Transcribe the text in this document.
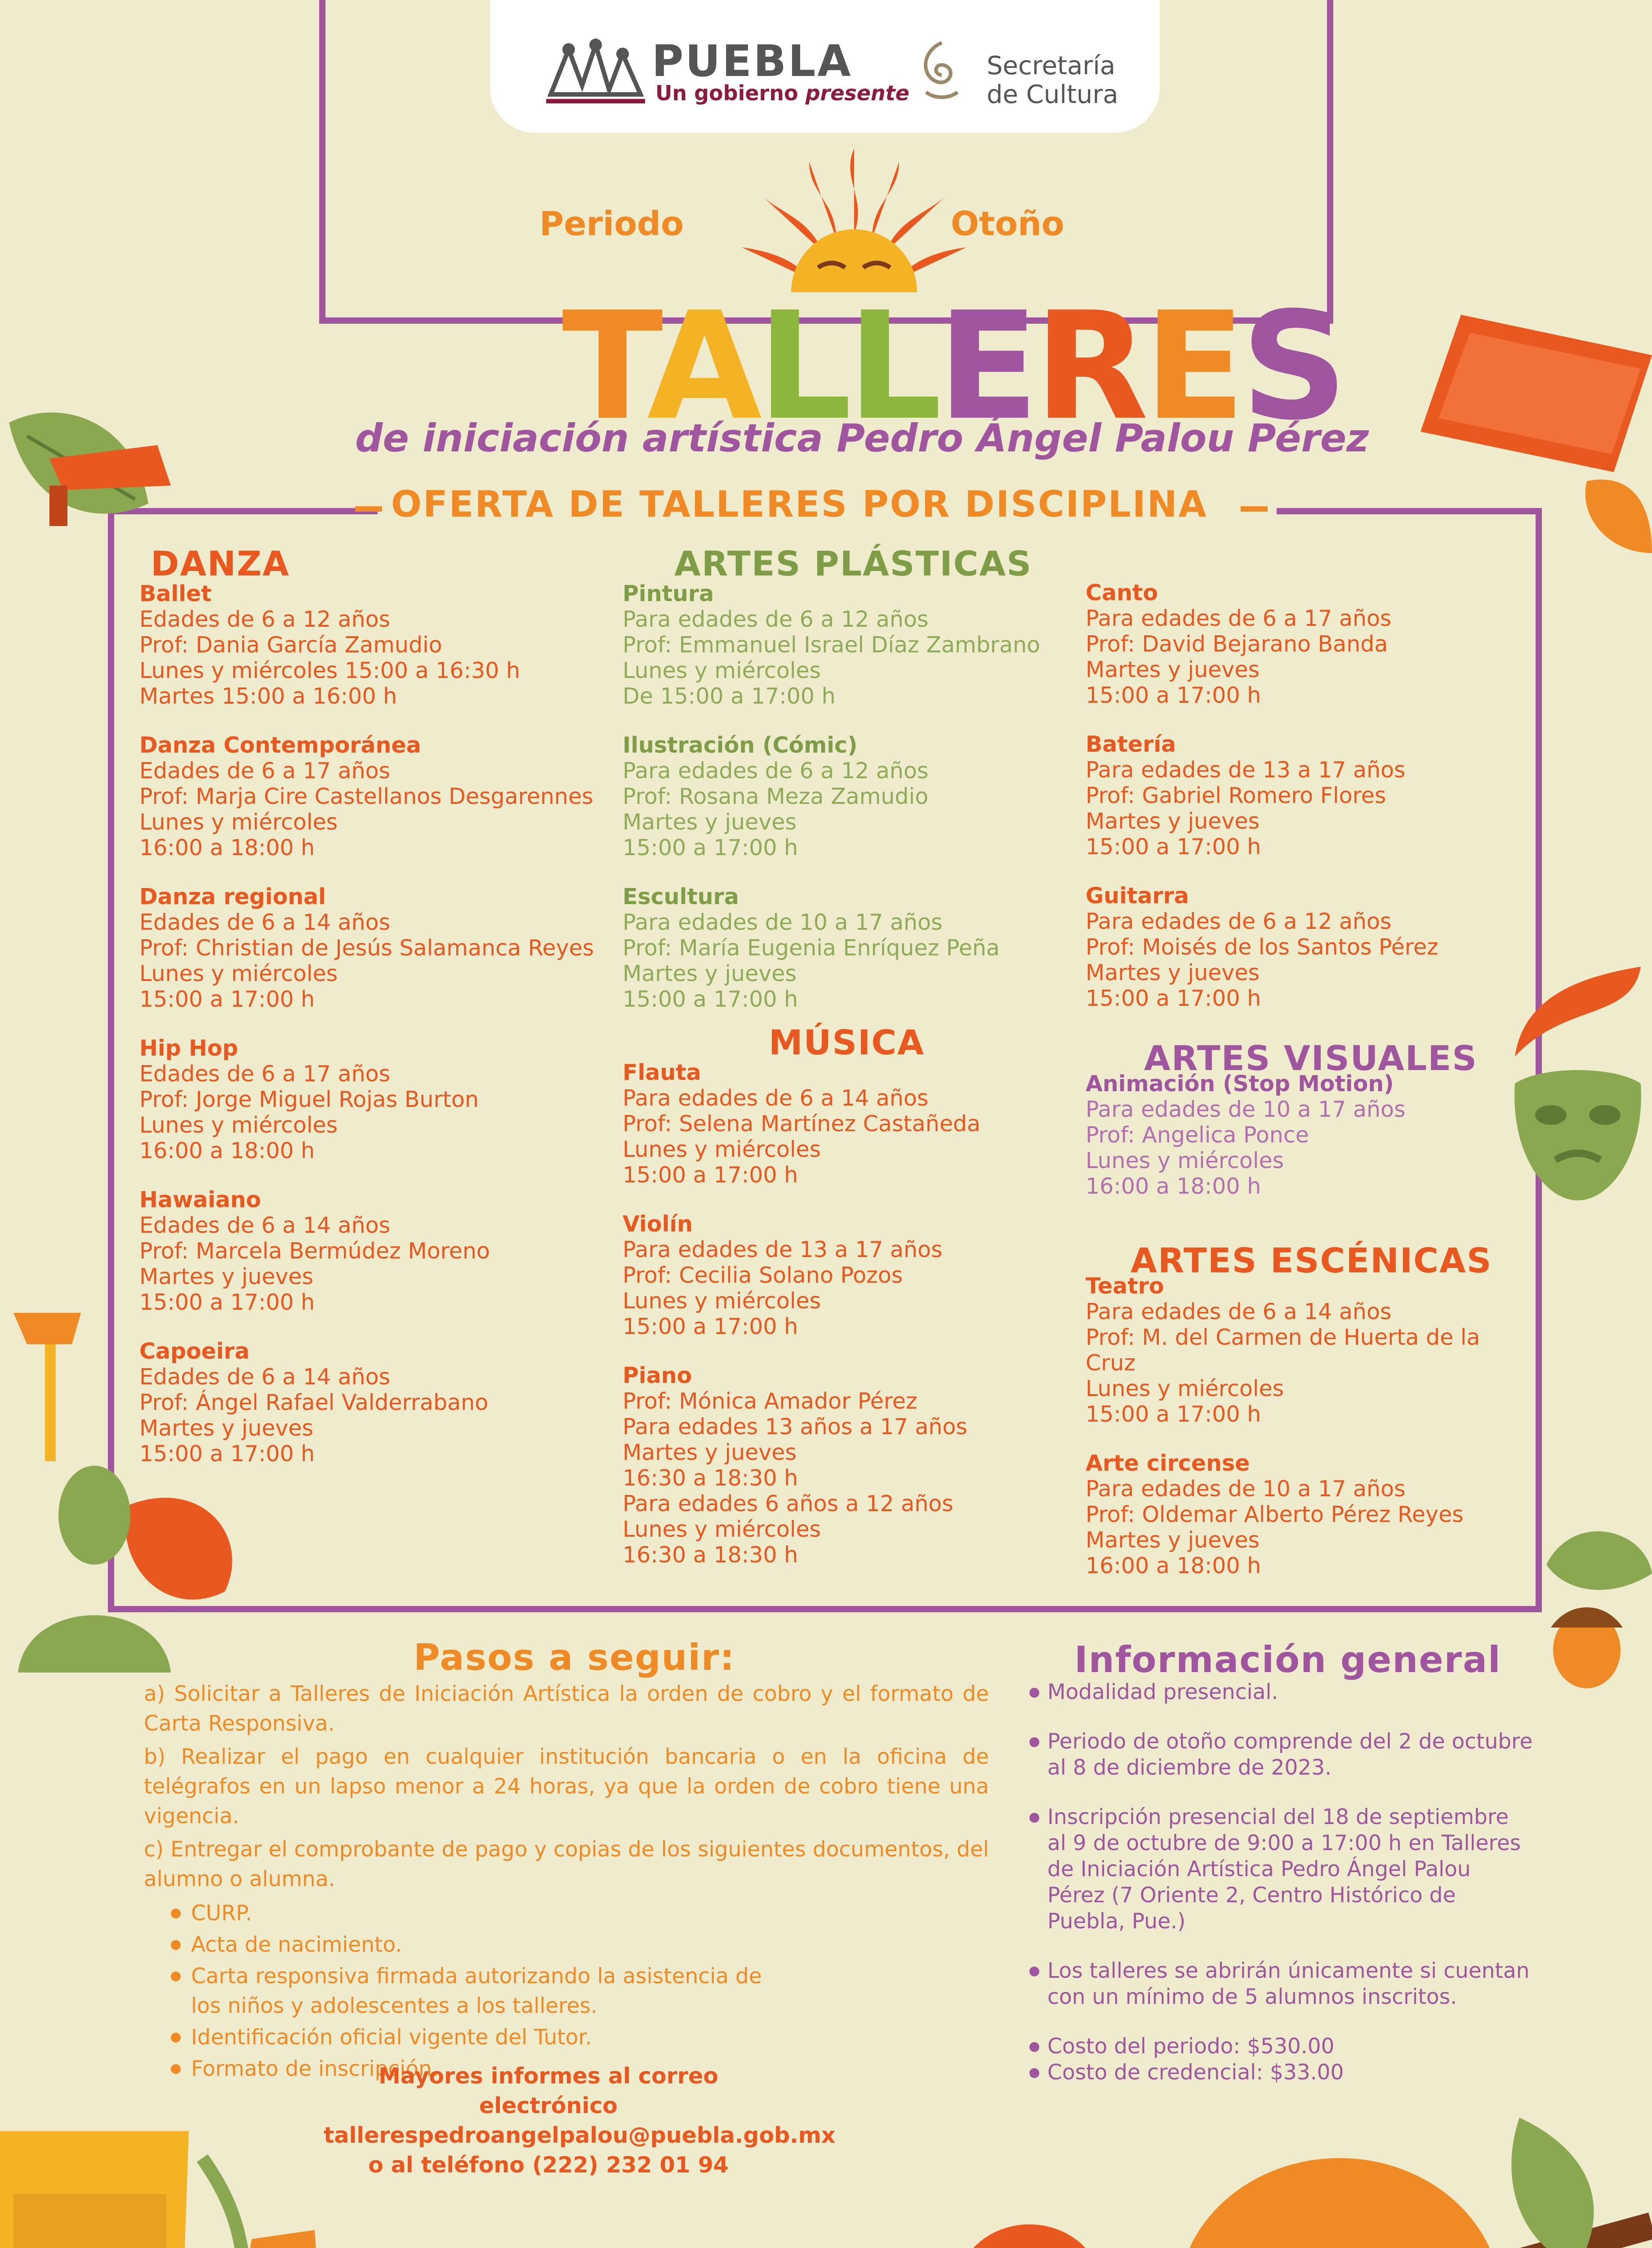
PUEBLA
Un gobierno presente
Secretaría
de Cultura
Periodo	Otoño
TALLERES
de iniciación artística Pedro Ángel Palou Pérez
OFERTA DE TALLERES POR DISCIPLINA
DANZA

Ballet

Edades de 6 a 12 años

Prof: Dania García Zamudio

Lunes y miércoles 15:00 a 16:30 h

Martes 15:00 a 16:00 h

Danza Contemporánea

Edades de 6 a 17 años

Prof: Marja Cire Castellanos Desgarennes

Lunes y miércoles

16:00 a 18:00 h

Danza regional

Edades de 6 a 14 años

Prof: Christian de Jesús Salamanca Reyes

Lunes y miércoles

15:00 a 17:00 h

Hip Hop

Edades de 6 a 17 años

Prof: Jorge Miguel Rojas Burton

Lunes y miércoles

16:00 a 18:00 h

Hawaiano

Edades de 6 a 14 años

Prof: Marcela Bermúdez Moreno

Martes y jueves

15:00 a 17:00 h

Capoeira

Edades de 6 a 14 años

Prof: Ángel Rafael Valderrabano

Martes y jueves

15:00 a 17:00 h

ARTES PLÁSTICAS

Pintura

Para edades de 6 a 12 años

Prof: Emmanuel Israel Díaz Zambrano

Lunes y miércoles

De 15:00 a 17:00 h

Ilustración (Cómic)

Para edades de 6 a 12 años

Prof: Rosana Meza Zamudio

Martes y jueves

15:00 a 17:00 h

Escultura

Para edades de 10 a 17 años

Prof: María Eugenia Enríquez Peña

Martes y jueves

15:00 a 17:00 h

MÚSICA

Flauta

Para edades de 6 a 14 años

Prof: Selena Martínez Castañeda

Lunes y miércoles

15:00 a 17:00 h

Violín

Para edades de 13 a 17 años

Prof: Cecilia Solano Pozos

Lunes y miércoles

15:00 a 17:00 h

Piano

Prof: Mónica Amador Pérez

Para edades 13 años a 17 años

Martes y jueves

16:30 a 18:30 h

Para edades 6 años a 12 años

Lunes y miércoles

16:30 a 18:30 h

Canto

Para edades de 6 a 17 años

Prof: David Bejarano Banda

Martes y jueves

15:00 a 17:00 h

Batería

Para edades de 13 a 17 años

Prof: Gabriel Romero Flores

Martes y jueves

15:00 a 17:00 h

Guitarra

Para edades de 6 a 12 años

Prof: Moisés de los Santos Pérez

Martes y jueves

15:00 a 17:00 h

ARTES VISUALES

Animación (Stop Motion)

Para edades de 10 a 17 años

Prof: Angelica Ponce

Lunes y miércoles

16:00 a 18:00 h

ARTES ESCÉNICAS

Teatro

Para edades de 6 a 14 años

Prof: M. del Carmen de Huerta de la Cruz

Lunes y miércoles

15:00 a 17:00 h

Arte circense

Para edades de 10 a 17 años

Prof: Oldemar Alberto Pérez Reyes

Martes y jueves

16:00 a 18:00 h

Pasos a seguir:

a) Solicitar a Talleres de Iniciación Artística la orden de cobro y el formato de Carta Responsiva.

b) Realizar el pago en cualquier institución bancaria o en la oficina de telégrafos en un lapso menor a 24 horas, ya que la orden de cobro tiene una vigencia.

c) Entregar el comprobante de pago y copias de los siguientes documentos, del alumno o alumna.

CURP.
Acta de nacimiento.
Carta responsiva firmada autorizando la asistencia de los niños y adolescentes a los talleres.
Identificación oficial vigente del Tutor.
Formato de inscripción.
Mayores informes al correo electrónico
tallerespedroangelpalou@puebla.gob.mx
o al teléfono (222) 232 01 94
Información general
Modalidad presencial.
Periodo de otoño comprende del 2 de octubre al 8 de diciembre de 2023.
Inscripción presencial del 18 de septiembre al 9 de octubre de 9:00 a 17:00 h en Talleres de Iniciación Artística Pedro Ángel Palou Pérez (7 Oriente 2, Centro Histórico de Puebla, Pue.)
Los talleres se abrirán únicamente si cuentan con un mínimo de 5 alumnos inscritos.
Costo del periodo: $530.00
Costo de credencial: $33.00
